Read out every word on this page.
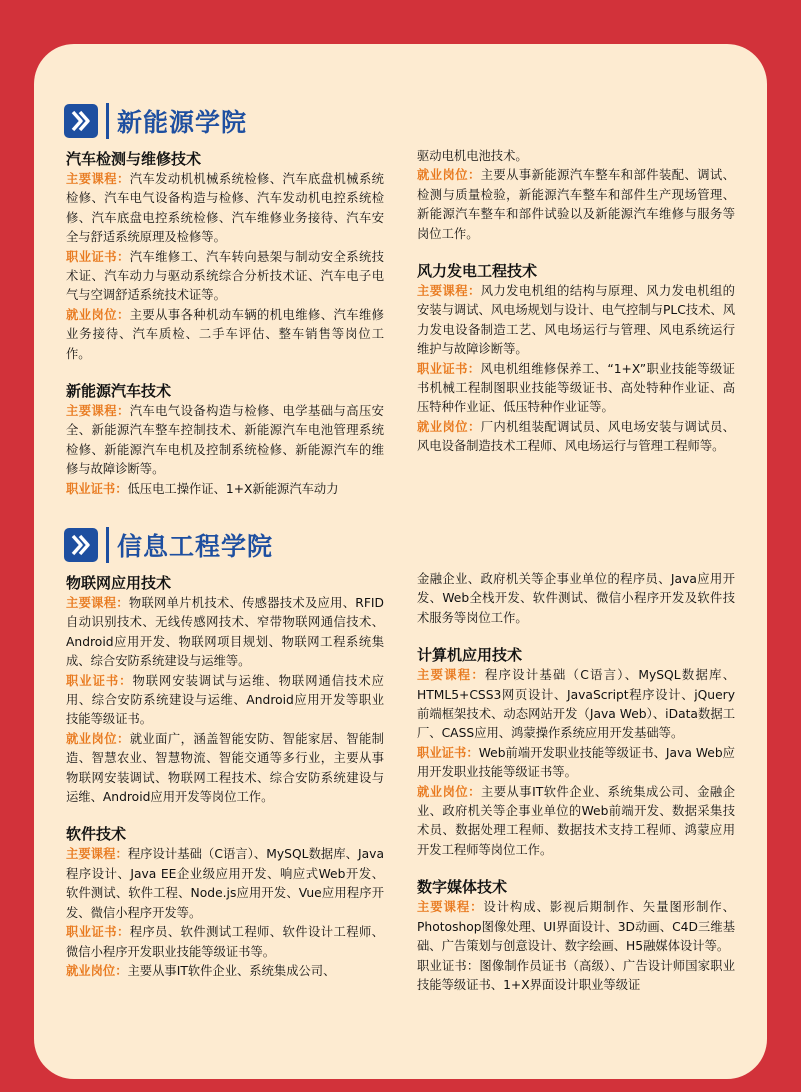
新能源学院
汽车检测与维修技术

主要课程：汽车发动机机械系统检修、汽车底盘机械系统检修、汽车电气设备构造与检修、汽车发动机电控系统检修、汽车底盘电控系统检修、汽车维修业务接待、汽车安全与舒适系统原理及检修等。

职业证书：汽车维修工、汽车转向悬架与制动安全系统技术证、汽车动力与驱动系统综合分析技术证、汽车电子电气与空调舒适系统技术证等。

就业岗位：主要从事各种机动车辆的机电维修、汽车维修业务接待、汽车质检、二手车评估、整车销售等岗位工作。

新能源汽车技术

主要课程：汽车电气设备构造与检修、电学基础与高压安全、新能源汽车整车控制技术、新能源汽车电池管理系统检修、新能源汽车电机及控制系统检修、新能源汽车的维修与故障诊断等。

职业证书：低压电工操作证、1+X新能源汽车动力

驱动电机电池技术。

就业岗位：主要从事新能源汽车整车和部件装配、调试、检测与质量检验，新能源汽车整车和部件生产现场管理、新能源汽车整车和部件试验以及新能源汽车维修与服务等岗位工作。

风力发电工程技术

主要课程：风力发电机组的结构与原理、风力发电机组的安装与调试、风电场规划与设计、电气控制与PLC技术、风力发电设备制造工艺、风电场运行与管理、风电系统运行维护与故障诊断等。

职业证书：风电机组维修保养工、“1+X”职业技能等级证书机械工程制图职业技能等级证书、高处特种作业证、高压特种作业证、低压特种作业证等。

就业岗位：厂内机组装配调试员、风电场安装与调试员、风电设备制造技术工程师、风电场运行与管理工程师等。

信息工程学院
物联网应用技术

主要课程：物联网单片机技术、传感器技术及应用、RFID自动识别技术、无线传感网技术、窄带物联网通信技术、Android应用开发、物联网项目规划、物联网工程系统集成、综合安防系统建设与运维等。

职业证书：物联网安装调试与运维、物联网通信技术应用、综合安防系统建设与运维、Android应用开发等职业技能等级证书。

就业岗位：就业面广，涵盖智能安防、智能家居、智能制造、智慧农业、智慧物流、智能交通等多行业，主要从事物联网安装调试、物联网工程技术、综合安防系统建设与运维、Android应用开发等岗位工作。

软件技术

主要课程：程序设计基础（C语言）、MySQL数据库、Java程序设计、Java EE企业级应用开发、响应式Web开发、软件测试、软件工程、Node.js应用开发、Vue应用程序开发、微信小程序开发等。

职业证书：程序员、软件测试工程师、软件设计工程师、微信小程序开发职业技能等级证书等。

就业岗位：主要从事IT软件企业、系统集成公司、

金融企业、政府机关等企事业单位的程序员、Java应用开发、Web全栈开发、软件测试、微信小程序开发及软件技术服务等岗位工作。

计算机应用技术

主要课程：程序设计基础（C语言）、MySQL数据库、HTML5+CSS3网页设计、JavaScript程序设计、jQuery前端框架技术、动态网站开发（Java Web）、iData数据工厂、CASS应用、鸿蒙操作系统应用开发基础等。

职业证书：Web前端开发职业技能等级证书、Java Web应用开发职业技能等级证书等。

就业岗位：主要从事IT软件企业、系统集成公司、金融企业、政府机关等企事业单位的Web前端开发、数据采集技术员、数据处理工程师、数据技术支持工程师、鸿蒙应用开发工程师等岗位工作。

数字媒体技术

主要课程：设计构成、影视后期制作、矢量图形制作、Photoshop图像处理、UI界面设计、3D动画、C4D三维基础、广告策划与创意设计、数字绘画、H5融媒体设计等。

职业证书：图像制作员证书（高级）、广告设计师国家职业技能等级证书、1+X界面设计职业等级证
